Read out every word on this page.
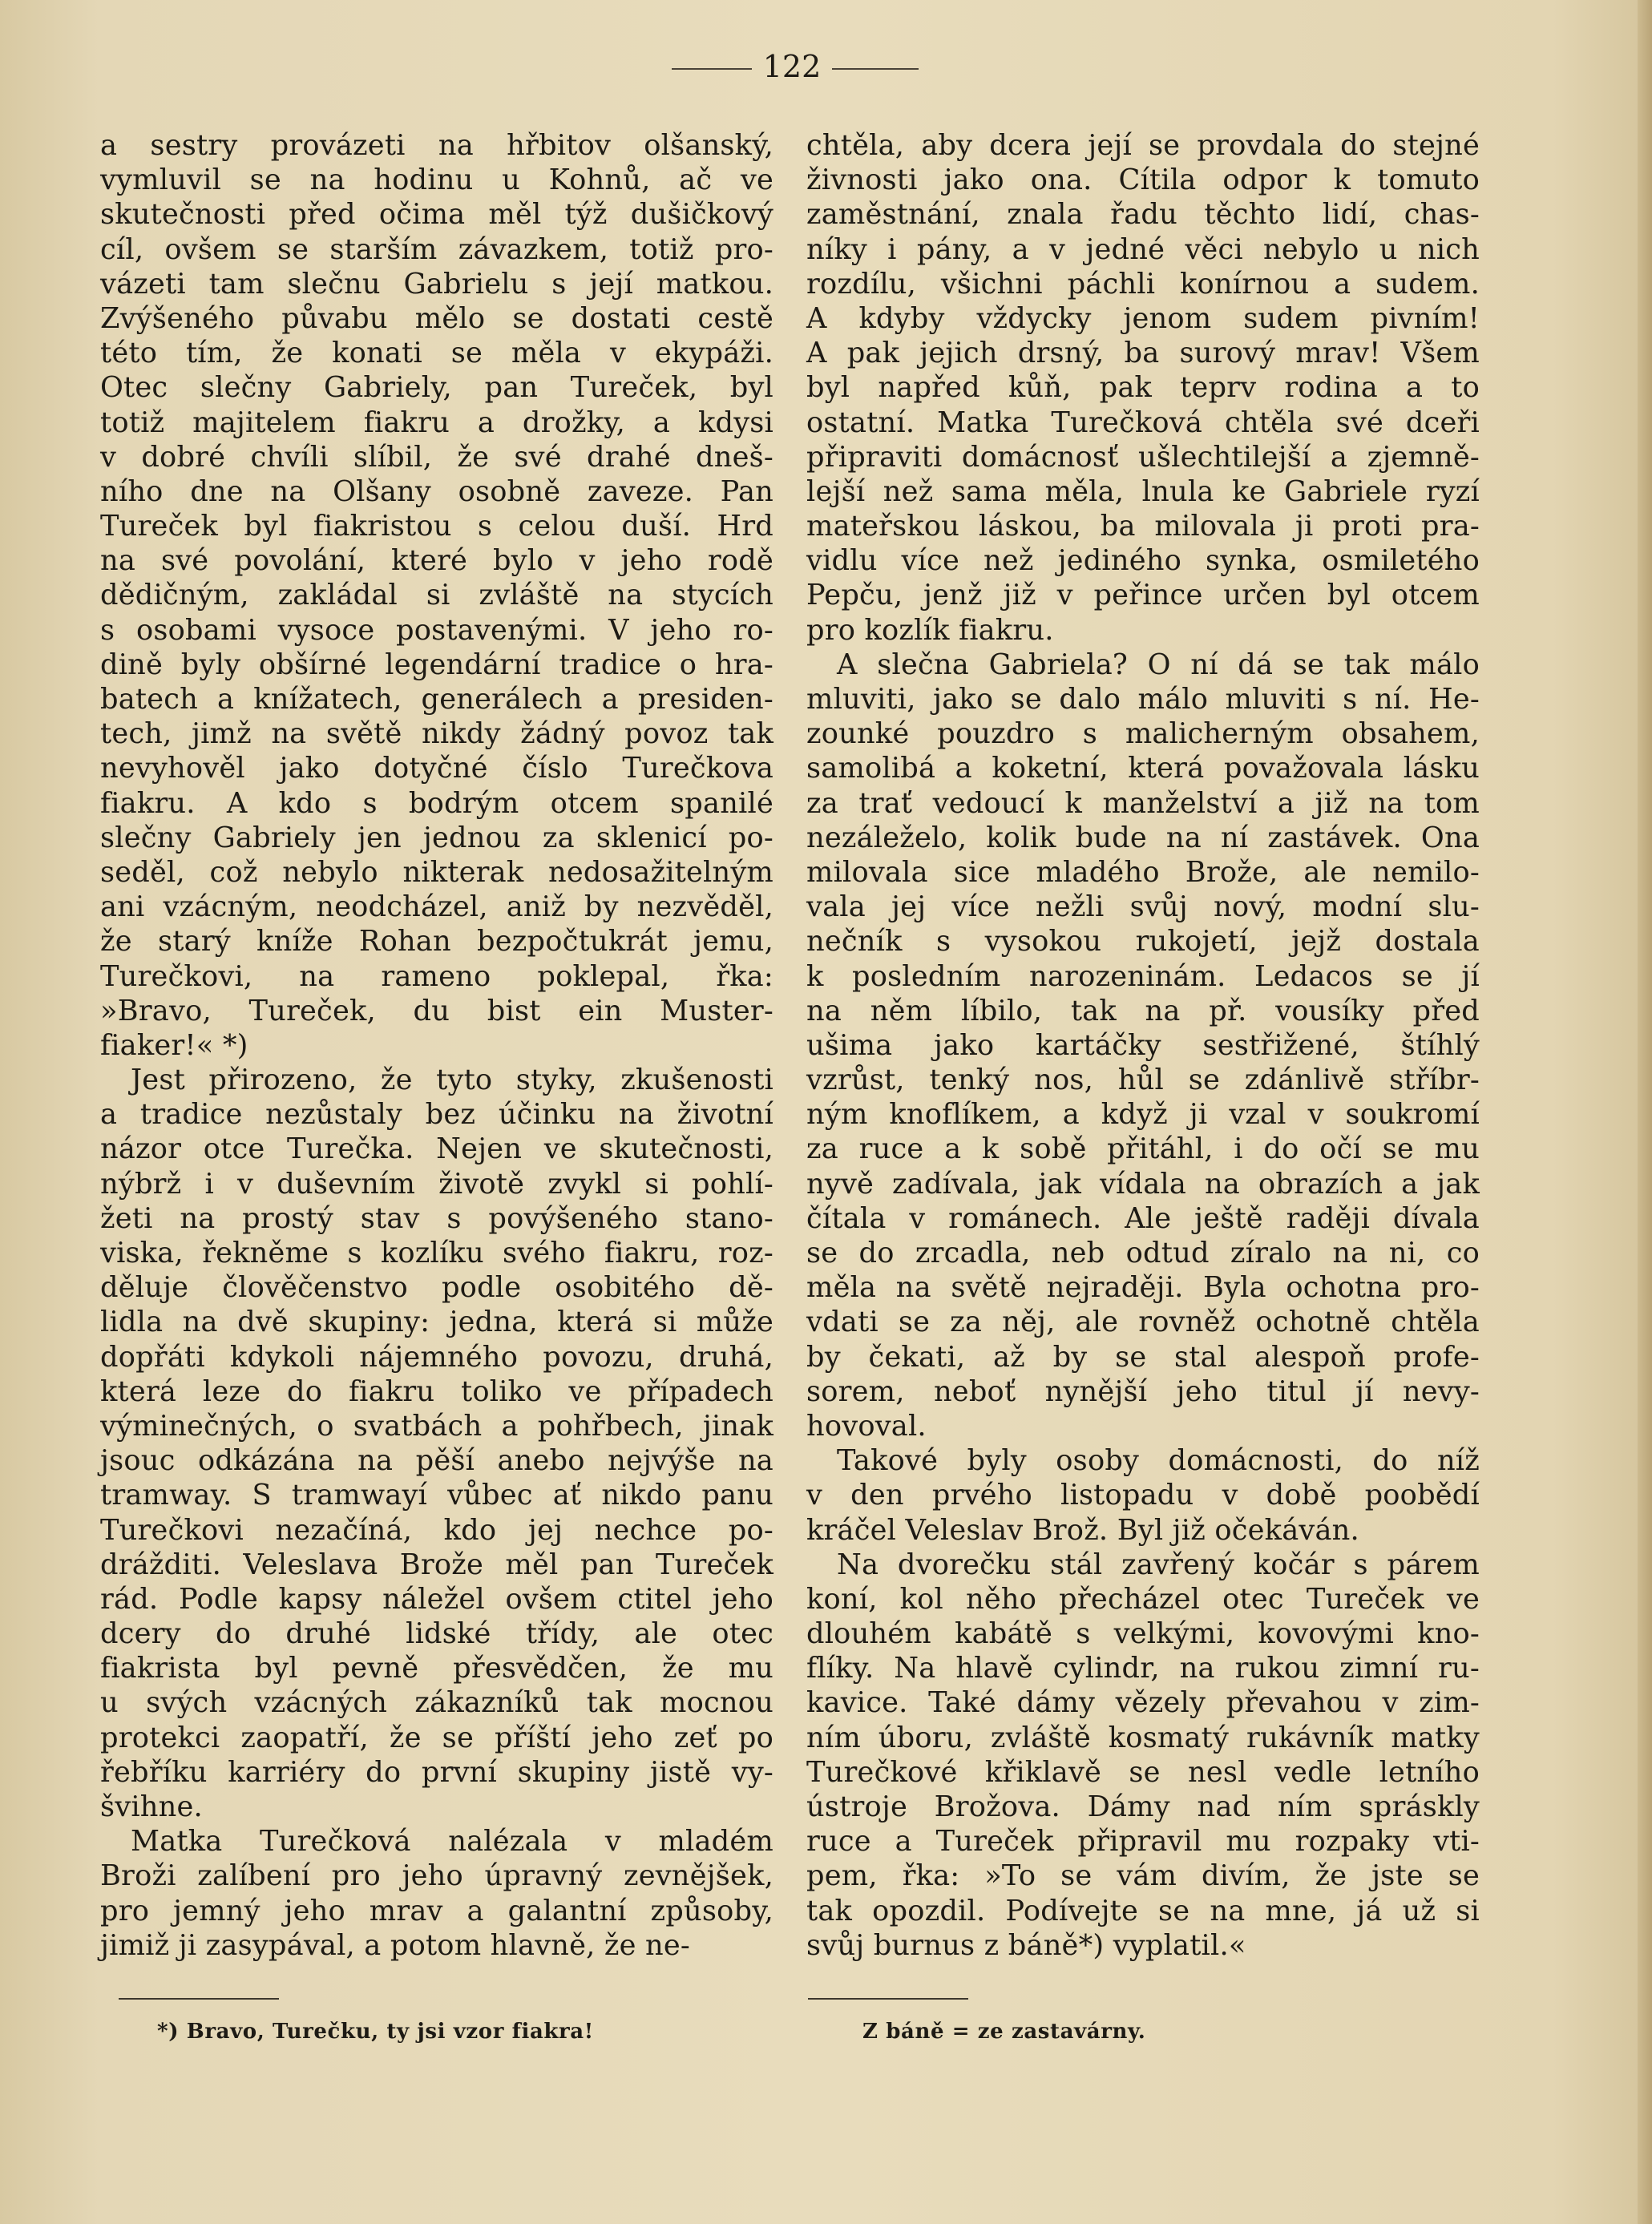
122
a sestry provázeti na hřbitov olšanský,
vymluvil se na hodinu u Kohnů, ač ve
skutečnosti před očima měl týž dušičkový
cíl, ovšem se starším závazkem, totiž pro-
vázeti tam slečnu Gabrielu s její matkou.
Zvýšeného půvabu mělo se dostati cestě
této tím, že konati se měla v ekypáži.
Otec slečny Gabriely, pan Tureček, byl
totiž majitelem fiakru a drožky, a kdysi
v dobré chvíli slíbil, že své drahé dneš-
ního dne na Olšany osobně zaveze. Pan
Tureček byl fiakristou s celou duší. Hrd
na své povolání, které bylo v jeho rodě
dědičným, zakládal si zvláště na stycích
s osobami vysoce postavenými. V jeho ro-
dině byly obšírné legendární tradice o hra-
batech a knížatech, generálech a presiden-
tech, jimž na světě nikdy žádný povoz tak
nevyhověl jako dotyčné číslo Turečkova
fiakru. A kdo s bodrým otcem spanilé
slečny Gabriely jen jednou za sklenicí po-
seděl, což nebylo nikterak nedosažitelným
ani vzácným, neodcházel, aniž by nezvěděl,
že starý kníže Rohan bezpočtukrát jemu,
Turečkovi, na rameno poklepal, řka:
»Bravo, Tureček, du bist ein Muster-
fiaker!« *)
Jest přirozeno, že tyto styky, zkušenosti
a tradice nezůstaly bez účinku na životní
názor otce Turečka. Nejen ve skutečnosti,
nýbrž i v duševním životě zvykl si pohlí-
žeti na prostý stav s povýšeného stano-
viska, řekněme s kozlíku svého fiakru, roz-
děluje člověčenstvo podle osobitého dě-
lidla na dvě skupiny: jedna, která si může
dopřáti kdykoli nájemného povozu, druhá,
která leze do fiakru toliko ve případech
výminečných, o svatbách a pohřbech, jinak
jsouc odkázána na pěší anebo nejvýše na
tramway. S tramwayí vůbec ať nikdo panu
Turečkovi nezačíná, kdo jej nechce po-
drážditi. Veleslava Brože měl pan Tureček
rád. Podle kapsy náležel ovšem ctitel jeho
dcery do druhé lidské třídy, ale otec
fiakrista byl pevně přesvědčen, že mu
u svých vzácných zákazníků tak mocnou
protekci zaopatří, že se příští jeho zeť po
řebříku karriéry do první skupiny jistě vy-
švihne.
Matka Turečková nalézala v mladém
Broži zalíbení pro jeho úpravný zevnějšek,
pro jemný jeho mrav a galantní způsoby,
jimiž ji zasypával, a potom hlavně, že ne-
chtěla, aby dcera její se provdala do stejné
živnosti jako ona. Cítila odpor k tomuto
zaměstnání, znala řadu těchto lidí, chas-
níky i pány, a v jedné věci nebylo u nich
rozdílu, všichni páchli konírnou a sudem.
A kdyby vždycky jenom sudem pivním!
A pak jejich drsný, ba surový mrav! Všem
byl napřed kůň, pak teprv rodina a to
ostatní. Matka Turečková chtěla své dceři
připraviti domácnosť ušlechtilejší a zjemně-
lejší než sama měla, lnula ke Gabriele ryzí
mateřskou láskou, ba milovala ji proti pra-
vidlu více než jediného synka, osmiletého
Pepču, jenž již v peřince určen byl otcem
pro kozlík fiakru.
A slečna Gabriela? O ní dá se tak málo
mluviti, jako se dalo málo mluviti s ní. He-
zounké pouzdro s malicherným obsahem,
samolibá a koketní, která považovala lásku
za trať vedoucí k manželství a již na tom
nezáleželo, kolik bude na ní zastávek. Ona
milovala sice mladého Brože, ale nemilo-
vala jej více nežli svůj nový, modní slu-
nečník s vysokou rukojetí, jejž dostala
k posledním narozeninám. Ledacos se jí
na něm líbilo, tak na př. vousíky před
ušima jako kartáčky sestřižené, štíhlý
vzrůst, tenký nos, hůl se zdánlivě stříbr-
ným knoflíkem, a když ji vzal v soukromí
za ruce a k sobě přitáhl, i do očí se mu
nyvě zadívala, jak vídala na obrazích a jak
čítala v románech. Ale ještě raději dívala
se do zrcadla, neb odtud zíralo na ni, co
měla na světě nejraději. Byla ochotna pro-
vdati se za něj, ale rovněž ochotně chtěla
by čekati, až by se stal alespoň profe-
sorem, neboť nynější jeho titul jí nevy-
hovoval.
Takové byly osoby domácnosti, do níž
v den prvého listopadu v době poobědí
kráčel Veleslav Brož. Byl již očekáván.
Na dvorečku stál zavřený kočár s párem
koní, kol něho přecházel otec Tureček ve
dlouhém kabátě s velkými, kovovými kno-
flíky. Na hlavě cylindr, na rukou zimní ru-
kavice. Také dámy vězely převahou v zim-
ním úboru, zvláště kosmatý rukávník matky
Turečkové křiklavě se nesl vedle letního
ústroje Brožova. Dámy nad ním spráskly
ruce a Tureček připravil mu rozpaky vti-
pem, řka: »To se vám divím, že jste se
tak opozdil. Podívejte se na mne, já už si
svůj burnus z báně*) vyplatil.«
*) Bravo, Turečku, ty jsi vzor fiakra!	Z báně = ze zastavárny.
